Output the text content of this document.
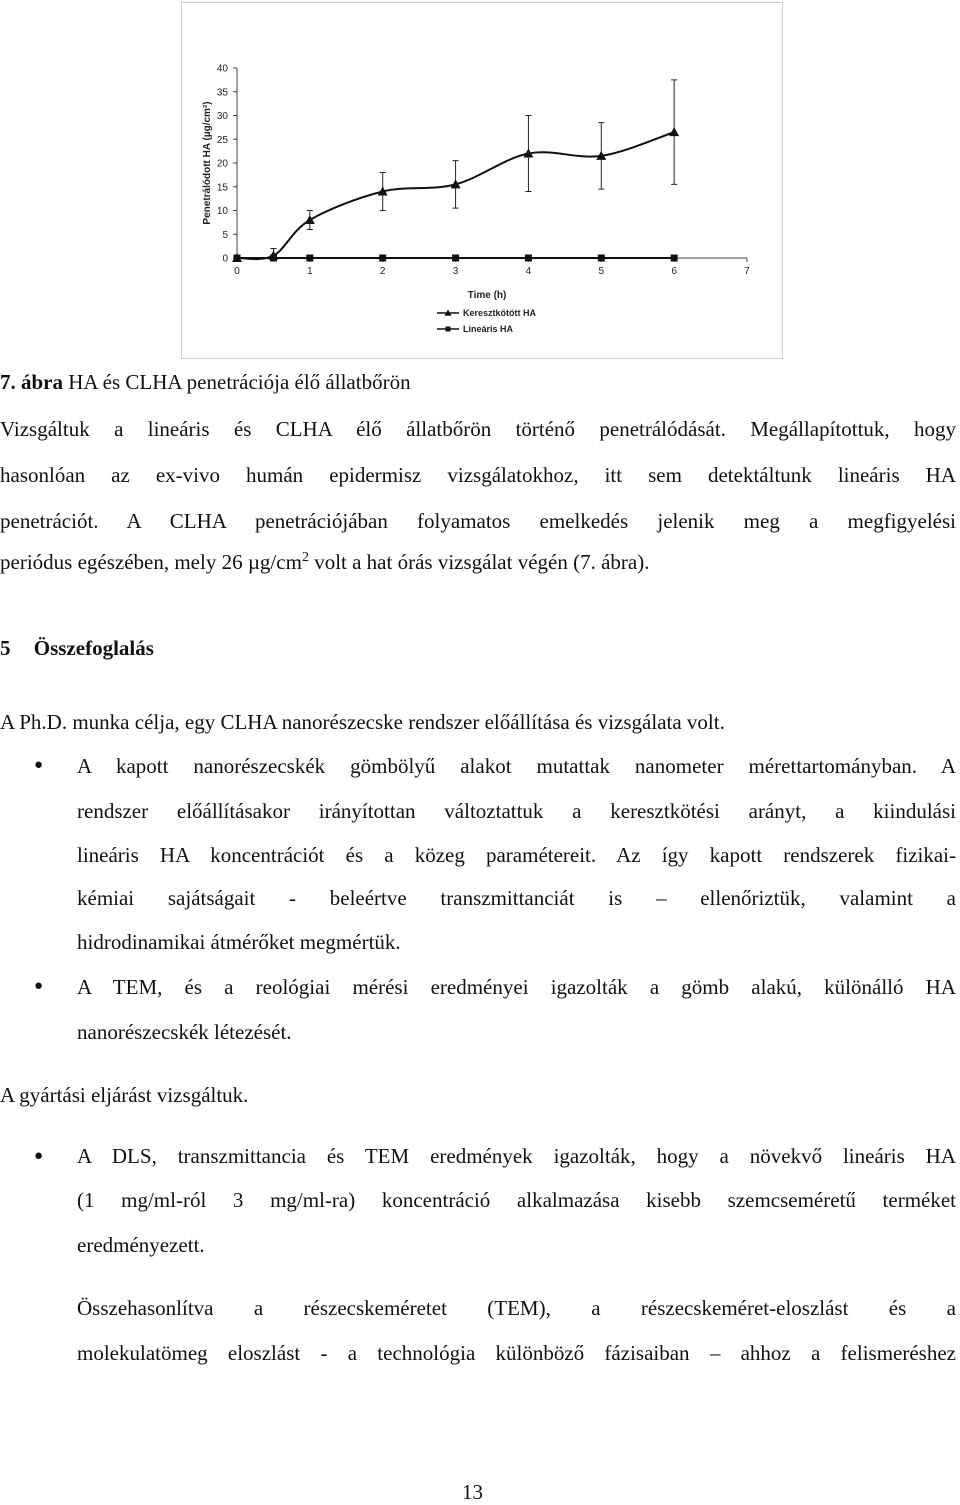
0
5
10
15
20
25
30
35
40
0	1	2	3	4	5	6	7
Time (h)
Penetrálódott HA (µg/cm²)
Keresztkötött HA
Lineáris HA
7. ábra HA és CLHA penetrációja élő állatbőrön
Vizsgáltuk a lineáris és CLHA élő állatbőrön történő penetrálódását. Megállapítottuk, hogy
hasonlóan az ex-vivo humán epidermisz vizsgálatokhoz, itt sem detektáltunk lineáris HA
penetrációt. A CLHA penetrációjában folyamatos emelkedés jelenik meg a megfigyelési
periódus egészében, mely 26 $\mu g/cm^2$ volt a hat órás vizsgálat végén (7. ábra).
5 Összefoglalás
A Ph.D. munka célja, egy CLHA nanorészecske rendszer előállítása és vizsgálata volt.
● A kapott nanorészecskék gömbölyű alakot mutattak nanometer mérettartományban. A
rendszer előállításakor irányítottan változtattuk a keresztkötési arányt, a kiindulási
lineáris HA koncentrációt és a közeg paramétereit. Az így kapott rendszerek fizikai-
kémiai sajátságait - beleértve transzmittanciát is – ellenőriztük, valamint a
hidrodinamikai átmérőket megmértük.
● A TEM, és a reológiai mérési eredményei igazolták a gömb alakú, különálló HA
nanorészecskék létezését.
A gyártási eljárást vizsgáltuk.
● A DLS, transzmittancia és TEM eredmények igazolták, hogy a növekvő lineáris HA
(1 mg/ml-ról 3 mg/ml-ra) koncentráció alkalmazása kisebb szemcseméretű terméket
eredményezett.
Összehasonlítva a részecskeméretet (TEM), a részecskeméret-eloszlást és a
molekulatömeg eloszlást - a technológia különböző fázisaiban – ahhoz a felismeréshez
13
